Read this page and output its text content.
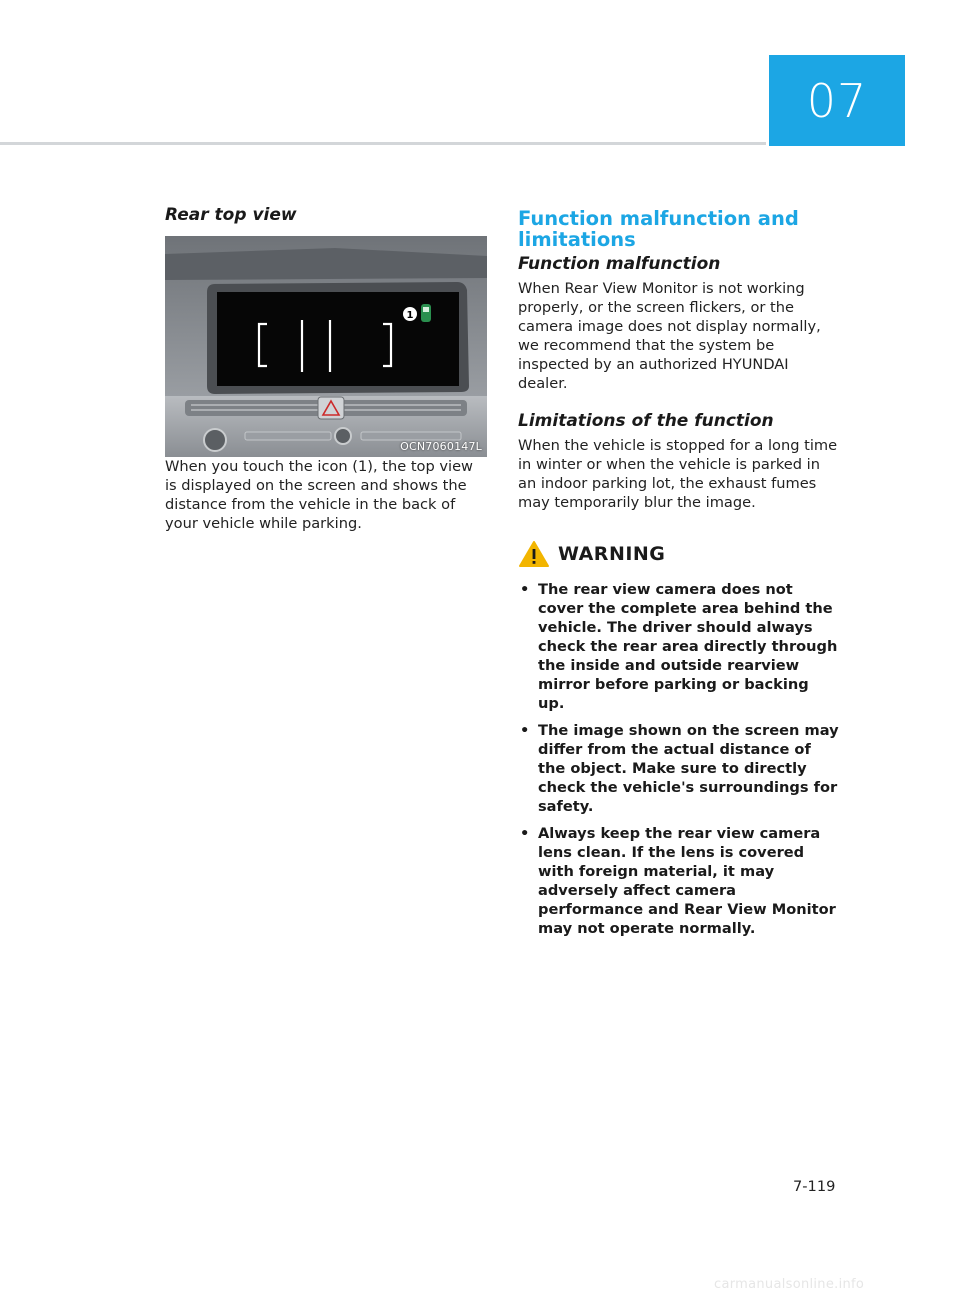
07
Rear top view
1
OCN7060147L

When you touch the icon (1), the top view is displayed on the screen and shows the distance from the vehicle in the back of your vehicle while parking.

Function malfunction and limitations
Function malfunction

When Rear View Monitor is not working properly, or the screen flickers, or the camera image does not display normally, we recommend that the system be inspected by an authorized HYUNDAI dealer.

Limitations of the function

When the vehicle is stopped for a long time in winter or when the vehicle is parked in an indoor parking lot, the exhaust fumes may temporarily blur the image.

WARNING
• The rear view camera does not cover the complete area behind the vehicle. The driver should always check the rear area directly through the inside and outside rearview mirror before parking or backing up.
• The image shown on the screen may differ from the actual distance of the object. Make sure to directly check the vehicle's surroundings for safety.
• Always keep the rear view camera lens clean. If the lens is covered with foreign material, it may adversely affect camera performance and Rear View Monitor may not operate normally.
7-119
carmanualsonline.info
